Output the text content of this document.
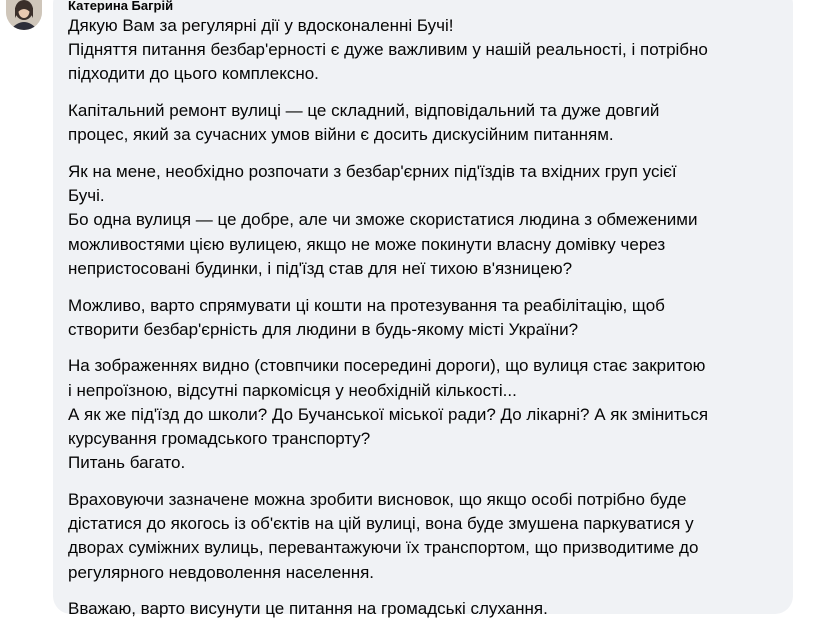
Катерина Багрій
Дякую Вам за регулярні дії у вдосконаленні Бучі!
Підняття питання безбар'ерності є дуже важливим у нашій реальності, і потрібно
підходити до цього комплексно.
Капітальний ремонт вулиці — це складний, відповідальний та дуже довгий
процес, який за сучасних умов війни є досить дискусійним питанням.
Як на мене, необхідно розпочати з безбар'єрних під'їздів та вхідних груп усієї
Бучі.
Бо одна вулиця — це добре, але чи зможе скористатися людина з обмеженими
можливостями цією вулицею, якщо не може покинути власну домівку через
непристосовані будинки, і під'їзд став для неї тихою в'язницею?
Можливо, варто спрямувати ці кошти на протезування та реабілітацію, щоб
створити безбар'єрність для людини в будь-якому місті України?
На зображеннях видно (стовпчики посередині дороги), що вулиця стає закритою
і непроїзною, відсутні паркомісця у необхідній кількості...
А як же під'їзд до школи? До Бучанської міської ради? До лікарні? А як зміниться
курсування громадського транспорту?
Питань багато.
Враховуючи зазначене можна зробити висновок, що якщо особі потрібно буде
дістатися до якогось із об'єктів на цій вулиці, вона буде змушена паркуватися у
дворах суміжних вулиць, перевантажуючи їх транспортом, що призводитиме до
регулярного невдоволення населення.
Вважаю, варто висунути це питання на громадські слухання.
